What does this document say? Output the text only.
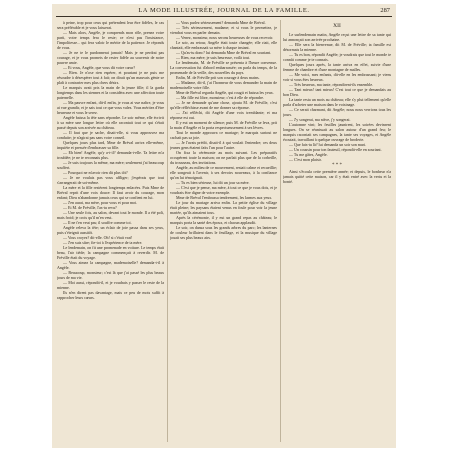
LA MODE ILLUSTRÉE, JOURNAL DE LA FAMILLE.	287

à peine, trop pour ceux qui prétendent leur être fidèles, le cas sera préférable et je vous laisserai.

— Mais alors, Angèle, je comprends mon rôle, prenez votre parti, votre temps fera le reste; ce n'est pas l'insistance, l'impolitesse... qui fera valoir le mérite de la patience. Je réponds de vous.

— Je ne te le pardonnerai jamais! Mais je ne perdrai pas courage, et je vous promets de rester fidèle au souvenir de notre pauvre amie.

— Et vous, Angèle, que vous dit votre cœur?

— Rien. Je n'ose rien espérer, et pourtant je ne puis me résoudre à désespérer tout à fait; on dirait qu'un mauvais génie se plaît à contrarier mes plus chers désirs.

Le marquis avait pris la main de la jeune fille; il la garda longtemps dans les siennes et la considéra avec une affection toute paternelle.

— Ma pauvre enfant, dit-il enfin, je vous ai vue naître, je vous ai vue grandir, et je sais tout ce que vous valez. Vous méritez d'être heureuse et vous le serez.

Angèle baissa la tête sans répondre. Le soir même, elle écrivit à sa mère une longue lettre où elle racontait tout ce qui s'était passé depuis son arrivée au château.

— Il faut que je sache, disait-elle, si vous approuvez ma conduite; je n'agirai pas sans votre conseil.

Quelques jours plus tard, Mme de Bréval arriva elle-même, inquiète et pressée d'embrasser sa fille.

— Eh bien! Angèle, qu'y a-t-il? demanda-t-elle. Ta lettre m'a troublée; je ne te reconnais plus.

— Je suis toujours la même, ma mère; seulement j'ai beaucoup souffert.

— Pourquoi ne m'avoir rien dit plus tôt?

— Je ne voulais pas vous affliger; j'espérais que tout s'arrangerait de soi-même.

La mère et la fille restèrent longtemps enlacées. Puis Mme de Bréval reprit d'une voix douce: Il faut avoir du courage, mon enfant; Dieu n'abandonne jamais ceux qui se confient en lui.

— J'en aurai, ma mère, pour vous et pour moi.

— Et M. de Fréville, l'as-tu revu?

— Une seule fois, au salon, devant tout le monde. Il a été poli, mais froid; je crois qu'il m'en veut.

— Il ne t'en veut pas; il souffre comme toi.

Angèle releva la tête; un éclair de joie passa dans ses yeux, puis s'éteignit aussitôt.

— Vous croyez? dit-elle. Oh! si c'était vrai!

— J'en suis sûre; fie-toi à l'expérience de ta mère.

Le lendemain, on fit une promenade en voiture. Le temps était beau, l'air tiède; la campagne commençait à reverdir. M. de Fréville était du voyage.

— Vous aimez la campagne, mademoiselle? demanda-t-il à Angèle.

— Beaucoup, monsieur; c'est là que j'ai passé les plus beaux jours de ma vie.

— Moi aussi, répondit-il, et je voudrais y passer le reste de la mienne.

Ils n'en dirent pas davantage, mais ce peu de mots suffit à rapprocher leurs cœurs.

— Vous parlez sérieusement? demanda Mme de Bréval.

— Très sérieusement, madame; et si vous le permettez, je viendrai vous en parler demain.

— Venez, monsieur, nous serons heureuses de vous recevoir.

Le soir, au retour, Angèle était toute changée; elle riait, elle chantait, elle embrassait sa mère à chaque instant.

— Qu'as-tu donc? lui demanda Mme de Bréval en souriant.

— Rien, ma mère; je suis heureuse, voilà tout.

Le lendemain, M. de Fréville se présenta à l'heure convenue. La conversation fut d'abord embarrassée; on parla du temps, de la promenade de la veille, des nouvelles du pays.

Enfin, M. de Fréville prit son courage à deux mains.

— Madame, dit-il, j'ai l'honneur de vous demander la main de mademoiselle votre fille.

Mme de Bréval regarda Angèle, qui rougit et baissa les yeux.

— Ma fille est libre, monsieur; c'est à elle de répondre.

— Je ne demande qu'une chose, ajouta M. de Fréville, c'est qu'elle réfléchisse avant de me donner sa réponse.

— J'ai réfléchi, dit Angèle d'une voix tremblante; et ma réponse est oui.

Il y eut un moment de silence; puis M. de Fréville se leva, prit la main d'Angèle et la porta respectueusement à ses lèvres.

Tout le monde approuva ce mariage; le marquis surtout ne cachait pas sa joie.

— Je l'avais prédit, disait-il à qui voulait l'entendre; ces deux jeunes gens étaient faits l'un pour l'autre.

On fixa la cérémonie au mois suivant. Les préparatifs occupèrent toute la maison; on ne parlait plus que de la corbeille, du trousseau, des invitations.

Angèle, au milieu de ce mouvement, restait calme et recueillie; elle songeait à l'avenir, à ses devoirs nouveaux, à la confiance qu'on lui témoignait.

— Tu es bien sérieuse, lui dit un jour sa mère.

— C'est que je pense, ma mère, à tout ce que je vous dois, et je voudrais être digne de votre exemple.

Mme de Bréval l'embrassa tendrement, les larmes aux yeux.

Le jour du mariage arriva enfin. La petite église du village était pleine; les paysans étaient venus en foule pour voir la jeune mariée, qu'ils aimaient tous.

Après la cérémonie, il y eut un grand repas au château; le marquis porta la santé des époux, et chacun applaudit.

Le soir, on dansa sous les grands arbres du parc; les lanternes de couleur brillaient dans le feuillage, et la musique du village jouait ses plus beaux airs.

XII

Le surlendemain matin, Angèle reçut une lettre de sa tante qui lui annonçait son arrivée prochaine.

— Elle sera la bienvenue, dit M. de Fréville; ta famille est désormais la mienne.

— Tu es bon, répondit Angèle; je voudrais que tout le monde te connût comme je te connais.

Quelques jours après, la tante arriva en effet, suivie d'une femme de chambre et d'une montagne de malles.

— Me voici, mes enfants, dit-elle en les embrassant; je viens voir si vous êtes heureux.

— Très heureux, ma tante, répondirent-ils ensemble.

— Tant mieux! tant mieux! C'est tout ce que je demandais au bon Dieu.

La tante resta un mois au château; elle s'y plut tellement qu'elle parla d'acheter une maison dans le voisinage.

— Ce serait charmant, dit Angèle; nous nous verrions tous les jours.

— J'y songerai, ma nièce, j'y songerai.

L'automne vint; les feuilles jaunirent, les soirées devinrent longues. On se réunissait au salon autour d'un grand feu; le marquis racontait ses campagnes, la tante ses voyages, et Angèle écoutait, travaillant à quelque ouvrage de broderie.

— Que fais-tu là? lui demanda un soir son mari.

— Un coussin pour ton fauteuil, répondit-elle en souriant.

— Tu me gâtes, Angèle.

— C'est mon plaisir.

* * *

Ainsi s'écoula cette première année; et depuis, le bonheur n'a jamais quitté cette maison, car il y était entré avec la vertu et la bonté.
